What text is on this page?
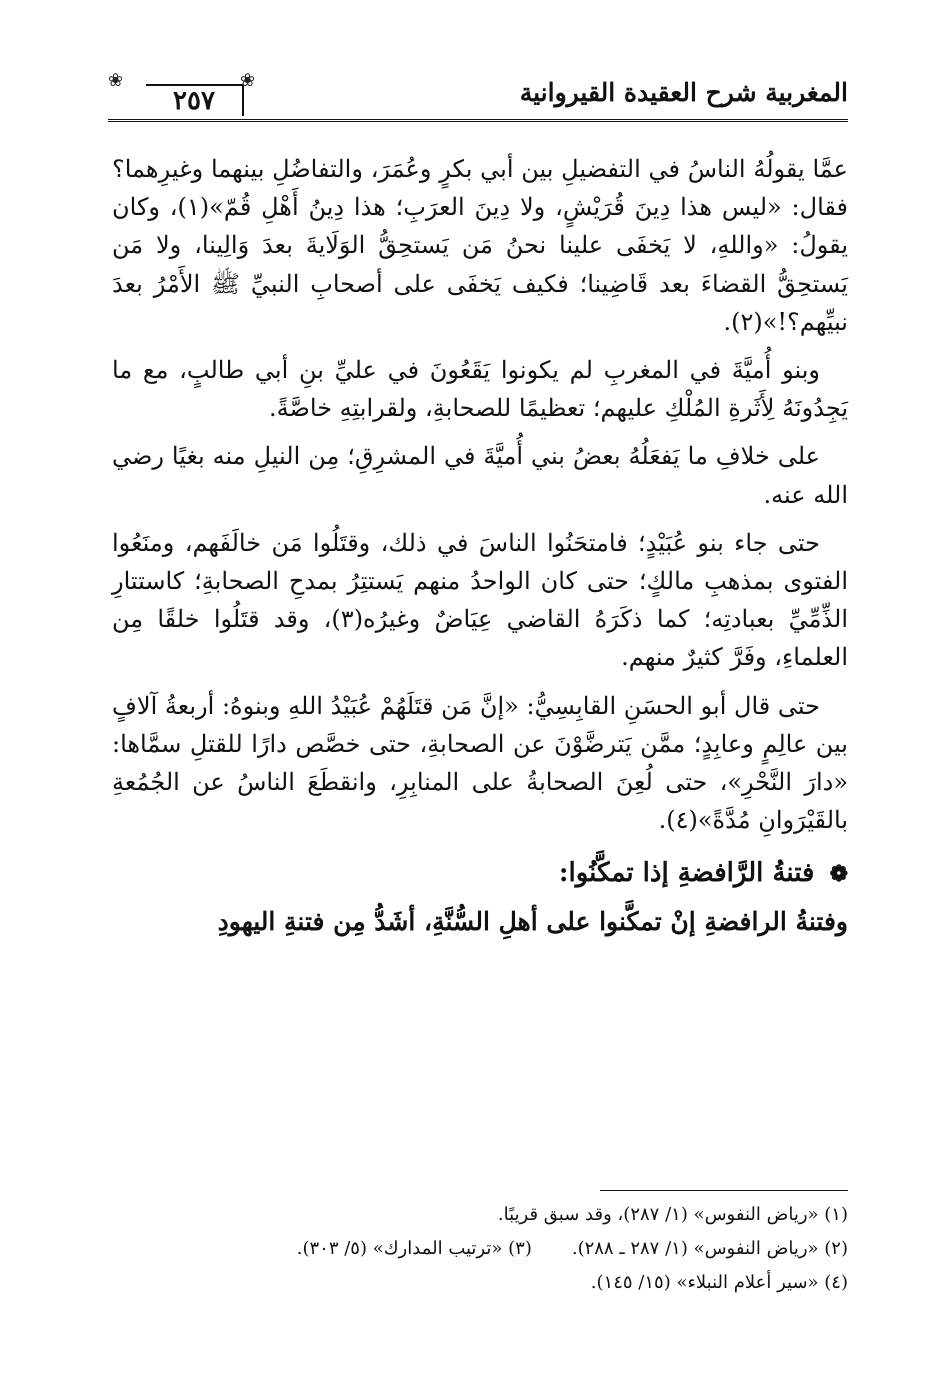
المغربية شرح العقيدة القيروانية
❀
٢٥٧
❀

عمَّا يقولُهُ الناسُ في التفضيلِ بين أبي بكرٍ وعُمَرَ، والتفاضُلِ بينهما وغيرِهما؟ فقال: «ليس هذا دِينَ قُرَيْشٍ، ولا دِينَ العرَبِ؛ هذا دِينُ أَهْلِ قُمّ»(١)، وكان يقولُ: «واللهِ، لا يَخفَى علينا نحنُ مَن يَستحِقُّ الوَلَايةَ بعدَ وَالِينا، ولا مَن يَستحِقُّ القضاءَ بعد قَاضِينا؛ فكيف يَخفَى على أصحابِ النبيِّ ﷺ الأَمْرُ بعدَ نبيِّهم؟!»(٢).

وبنو أُميَّةَ في المغربِ لم يكونوا يَقَعُونَ في عليِّ بنِ أبي طالبٍ، مع ما يَجِدُونَهُ لِأَثَرةِ المُلْكِ عليهم؛ تعظيمًا للصحابةِ، ولقرابتِهِ خاصَّةً.

على خلافِ ما يَفعَلُهُ بعضُ بني أُميَّةَ في المشرِقِ؛ مِن النيلِ منه بغيًا رضي الله عنه.

حتى جاء بنو عُبَيْدٍ؛ فامتحَنُوا الناسَ في ذلك، وقتَلُوا مَن خالَفَهم، ومنَعُوا الفتوى بمذهبِ مالكٍ؛ حتى كان الواحدُ منهم يَستتِرُ بمدحِ الصحابةِ؛ كاستتارِ الذِّمِّيِّ بعبادتِه؛ كما ذكَرَهُ القاضي عِيَاضٌ وغيرُه(٣)، وقد قتَلُوا خلقًا مِن العلماءِ، وفَرَّ كثيرٌ منهم.

حتى قال أبو الحسَنِ القابِسِيُّ: «إنَّ مَن قتَلَهُمْ عُبَيْدُ اللهِ وبنوهُ: أربعةُ آلافٍ بين عالِمٍ وعابِدٍ؛ ممَّن يَترضَّوْنَ عن الصحابةِ، حتى خصَّص دارًا للقتلِ سمَّاها: «دارَ النَّحْرِ»، حتى لُعِنَ الصحابةُ على المنابِرِ، وانقطَعَ الناسُ عن الجُمُعةِ بالقَيْرَوانِ مُدَّةً»(٤).

❁ فتنةُ الرَّافضةِ إذا تمكَّنُوا:

وفتنةُ الرافضةِ إنْ تمكَّنوا على أهلِ السُّنَّةِ، أشَدُّ مِن فتنةِ اليهودِ

(١) «رياض النفوس» (١/ ٢٨٧)، وقد سبق قريبًا.
(٢) «رياض النفوس» (١/ ٢٨٧ ـ ٢٨٨).(٣) «ترتيب المدارك» (٥/ ٣٠٣).
(٤) «سير أعلام النبلاء» (١٥/ ١٤٥).
